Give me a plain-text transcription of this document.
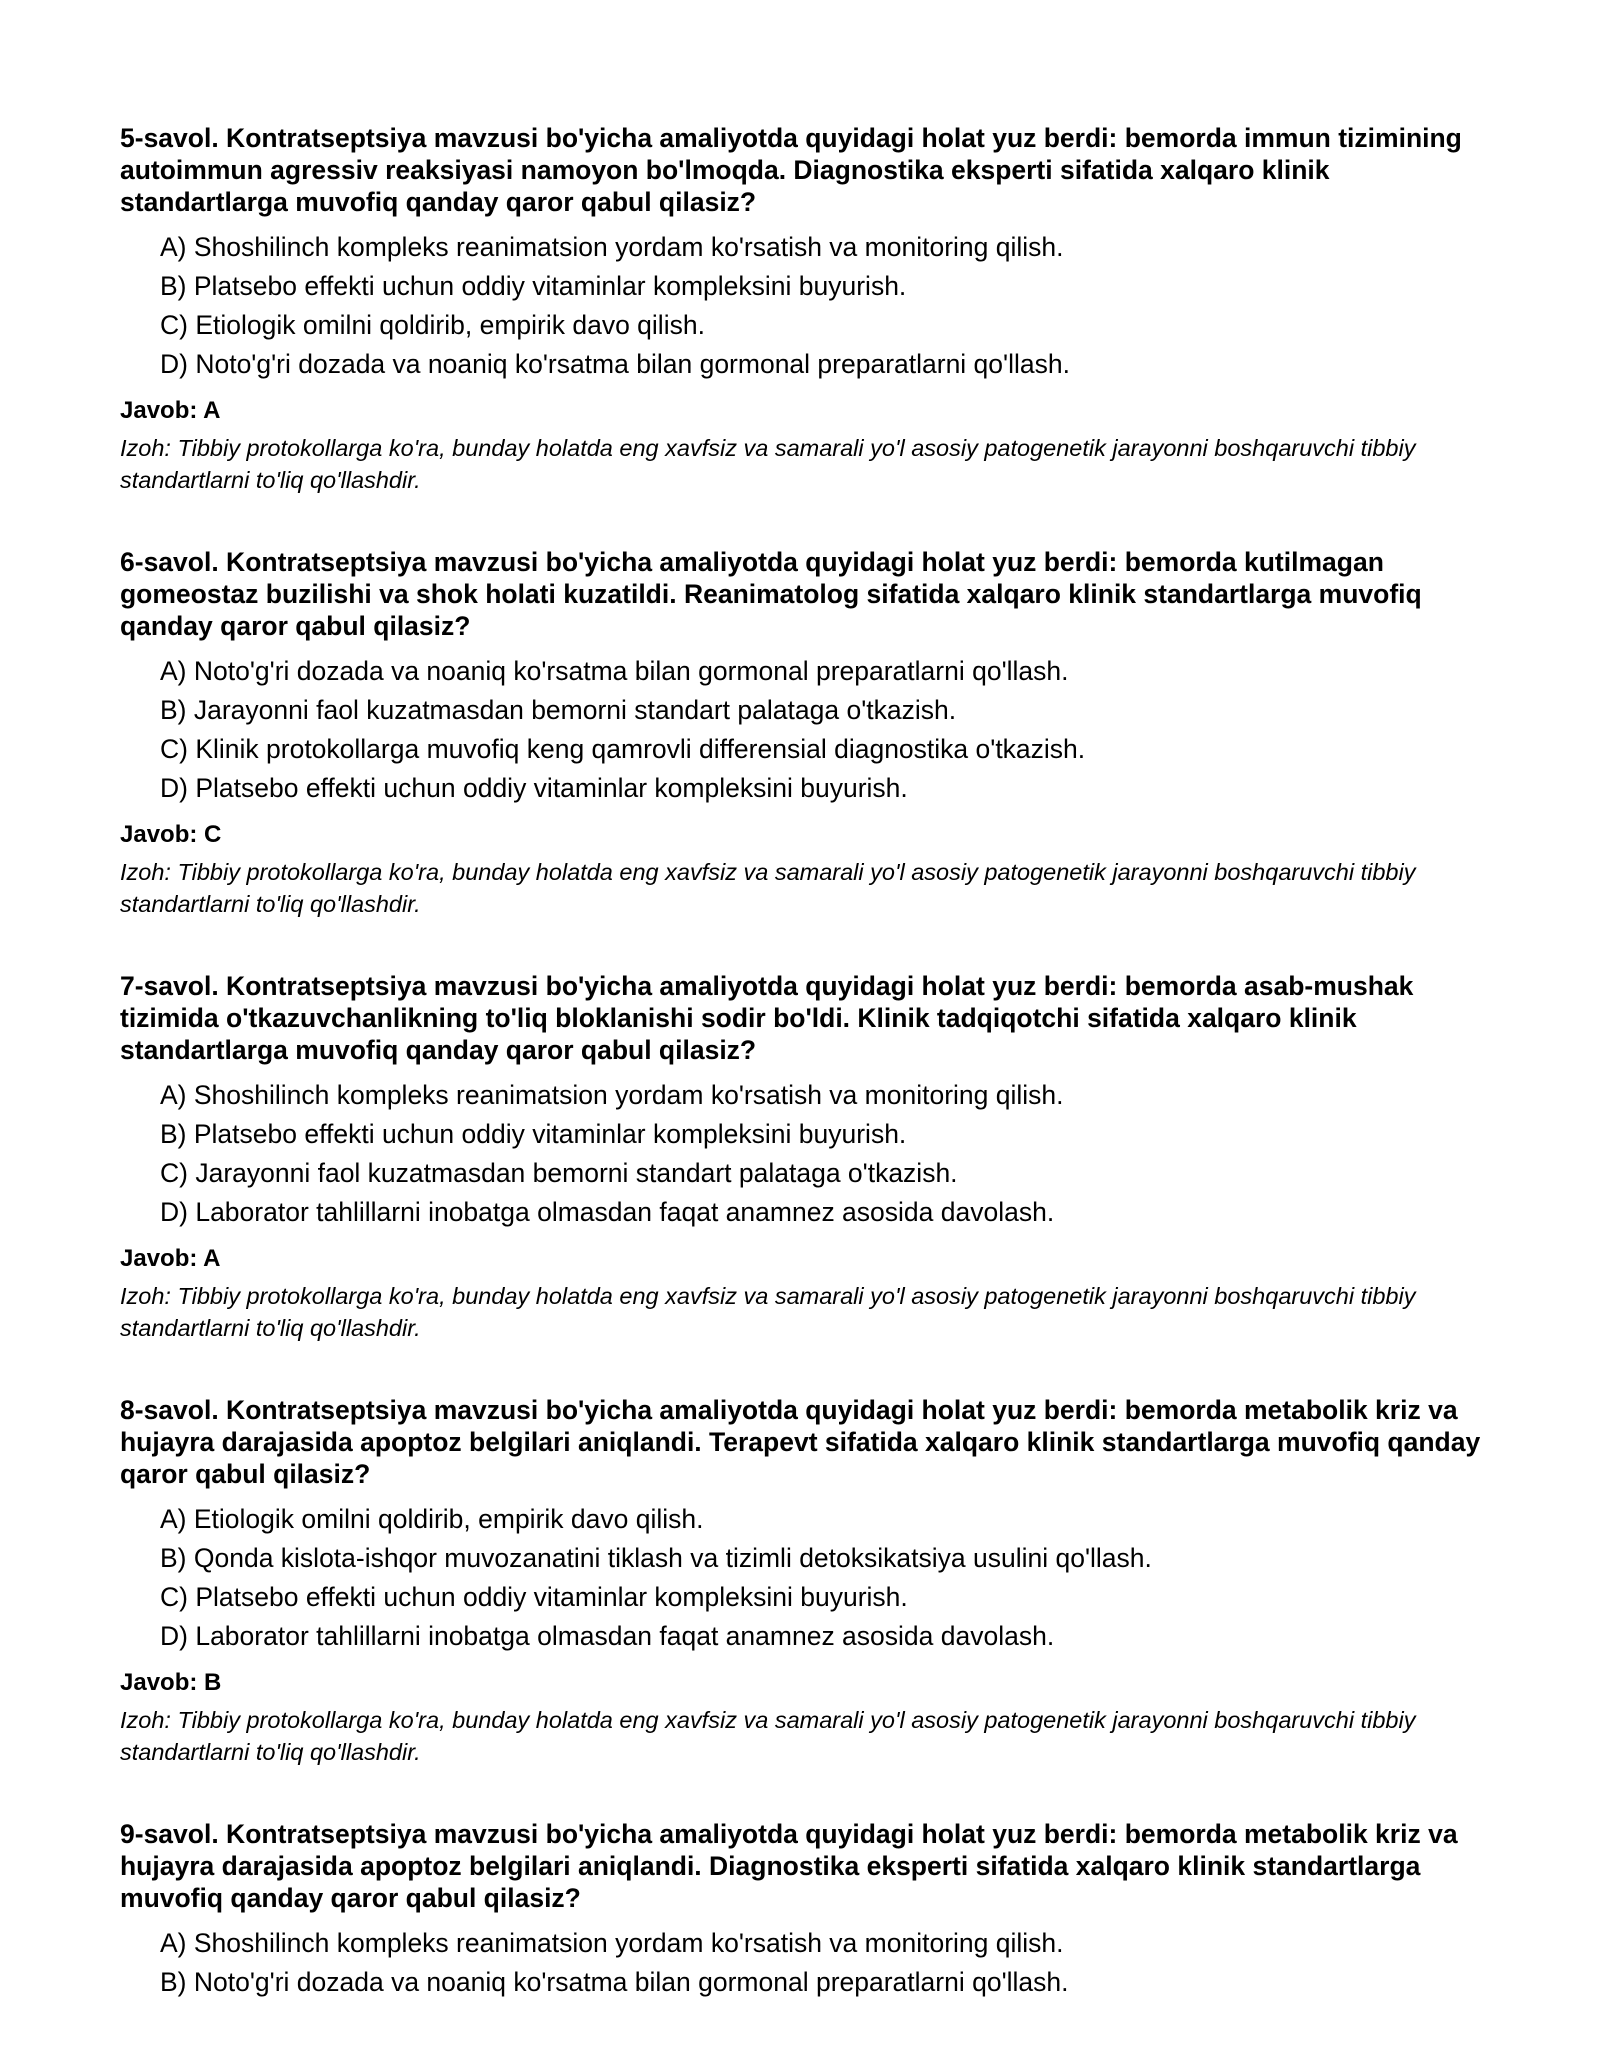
5-savol. Kontratseptsiya mavzusi bo'yicha amaliyotda quyidagi holat yuz berdi: bemorda immun tizimining autoimmun agressiv reaksiyasi namoyon bo'lmoqda. Diagnostika eksperti sifatida xalqaro klinik standartlarga muvofiq qanday qaror qabul qilasiz?

A) Shoshilinch kompleks reanimatsion yordam ko'rsatish va monitoring qilish.
B) Platsebo effekti uchun oddiy vitaminlar kompleksini buyurish.
C) Etiologik omilni qoldirib, empirik davo qilish.
D) Noto'g'ri dozada va noaniq ko'rsatma bilan gormonal preparatlarni qo'llash.

Javob: A

Izoh: Tibbiy protokollarga ko'ra, bunday holatda eng xavfsiz va samarali yo'l asosiy patogenetik jarayonni boshqaruvchi tibbiy standartlarni to'liq qo'llashdir.

6-savol. Kontratseptsiya mavzusi bo'yicha amaliyotda quyidagi holat yuz berdi: bemorda kutilmagan gomeostaz buzilishi va shok holati kuzatildi. Reanimatolog sifatida xalqaro klinik standartlarga muvofiq qanday qaror qabul qilasiz?

A) Noto'g'ri dozada va noaniq ko'rsatma bilan gormonal preparatlarni qo'llash.
B) Jarayonni faol kuzatmasdan bemorni standart palataga o'tkazish.
C) Klinik protokollarga muvofiq keng qamrovli differensial diagnostika o'tkazish.
D) Platsebo effekti uchun oddiy vitaminlar kompleksini buyurish.

Javob: C

Izoh: Tibbiy protokollarga ko'ra, bunday holatda eng xavfsiz va samarali yo'l asosiy patogenetik jarayonni boshqaruvchi tibbiy standartlarni to'liq qo'llashdir.

7-savol. Kontratseptsiya mavzusi bo'yicha amaliyotda quyidagi holat yuz berdi: bemorda asab-mushak tizimida o'tkazuvchanlikning to'liq bloklanishi sodir bo'ldi. Klinik tadqiqotchi sifatida xalqaro klinik standartlarga muvofiq qanday qaror qabul qilasiz?

A) Shoshilinch kompleks reanimatsion yordam ko'rsatish va monitoring qilish.
B) Platsebo effekti uchun oddiy vitaminlar kompleksini buyurish.
C) Jarayonni faol kuzatmasdan bemorni standart palataga o'tkazish.
D) Laborator tahlillarni inobatga olmasdan faqat anamnez asosida davolash.

Javob: A

Izoh: Tibbiy protokollarga ko'ra, bunday holatda eng xavfsiz va samarali yo'l asosiy patogenetik jarayonni boshqaruvchi tibbiy standartlarni to'liq qo'llashdir.

8-savol. Kontratseptsiya mavzusi bo'yicha amaliyotda quyidagi holat yuz berdi: bemorda metabolik kriz va hujayra darajasida apoptoz belgilari aniqlandi. Terapevt sifatida xalqaro klinik standartlarga muvofiq qanday qaror qabul qilasiz?

A) Etiologik omilni qoldirib, empirik davo qilish.
B) Qonda kislota-ishqor muvozanatini tiklash va tizimli detoksikatsiya usulini qo'llash.
C) Platsebo effekti uchun oddiy vitaminlar kompleksini buyurish.
D) Laborator tahlillarni inobatga olmasdan faqat anamnez asosida davolash.

Javob: B

Izoh: Tibbiy protokollarga ko'ra, bunday holatda eng xavfsiz va samarali yo'l asosiy patogenetik jarayonni boshqaruvchi tibbiy standartlarni to'liq qo'llashdir.

9-savol. Kontratseptsiya mavzusi bo'yicha amaliyotda quyidagi holat yuz berdi: bemorda metabolik kriz va hujayra darajasida apoptoz belgilari aniqlandi. Diagnostika eksperti sifatida xalqaro klinik standartlarga muvofiq qanday qaror qabul qilasiz?

A) Shoshilinch kompleks reanimatsion yordam ko'rsatish va monitoring qilish.
B) Noto'g'ri dozada va noaniq ko'rsatma bilan gormonal preparatlarni qo'llash.
